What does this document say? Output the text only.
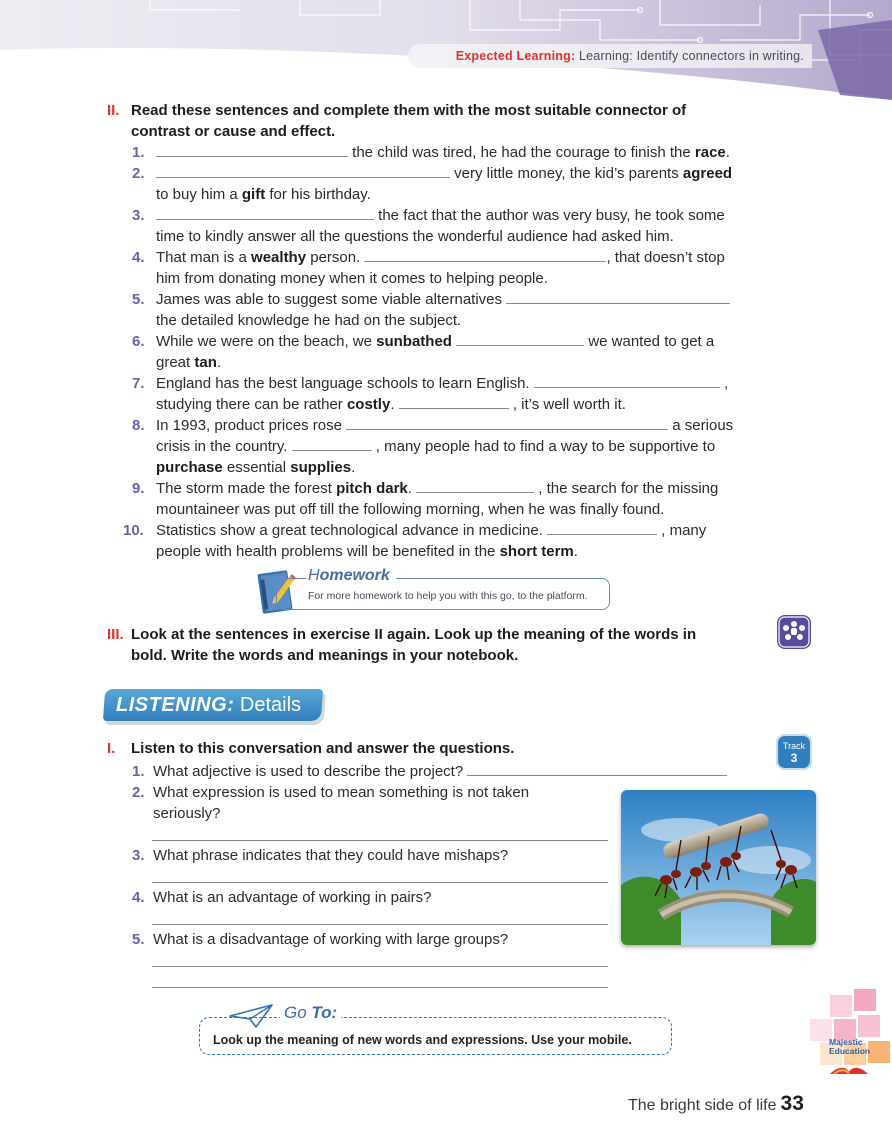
Expected Learning: Learning: Identify connectors in writing.
II. Read these sentences and complete them with the most suitable connector of
contrast or cause and effect.
1.	the child was tired, he had the courage to finish the race.
2.	very little money, the kid’s parents agreed
to buy him a gift for his birthday.
3.	the fact that the author was very busy, he took some
time to kindly answer all the questions the wonderful audience had asked him.
4. That man is a wealthy person.	, that doesn’t stop
him from donating money when it comes to helping people.
5. James was able to suggest some viable alternatives
the detailed knowledge he had on the subject.
6. While we were on the beach, we sunbathed	we wanted to get a
great tan.
7. England has the best language schools to learn English.	,
studying there can be rather costly.	, it’s well worth it.
8. In 1993, product prices rose	a serious
crisis in the country.	, many people had to find a way to be supportive to
purchase essential supplies.
9. The storm made the forest pitch dark.	, the search for the missing
mountaineer was put off till the following morning, when he was finally found.
10. Statistics show a great technological advance in medicine.	, many
people with health problems will be benefited in the short term.
Homework
For more homework to help you with this go, to the platform.
III. Look at the sentences in exercise II again. Look up the meaning of the words in
bold. Write the words and meanings in your notebook.
LISTENING: Details
I. Listen to this conversation and answer the questions.	Track
3
1. What adjective is used to describe the project?
2. What expression is used to mean something is not taken
seriously?
3. What phrase indicates that they could have mishaps?
4. What is an advantage of working in pairs?
5. What is a disadvantage of working with large groups?
Go To:
Look up the meaning of new words and expressions. Use your mobile.	Majestic
Education
The bright side of life 33
